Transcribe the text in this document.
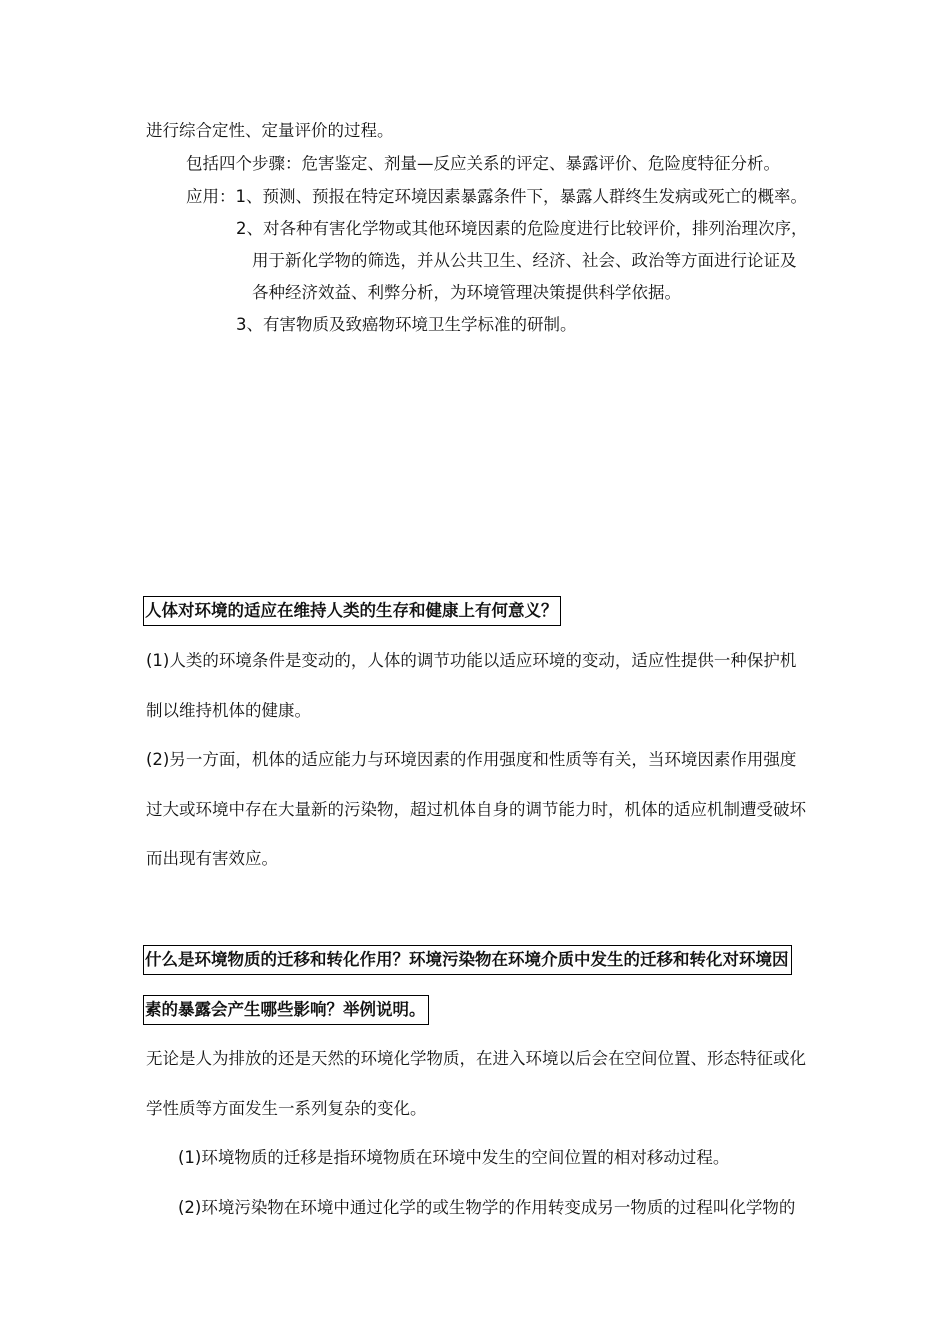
进行综合定性、定量评价的过程。
包括四个步骤：危害鉴定、剂量—反应关系的评定、暴露评价、危险度特征分析。
应用：1、预测、预报在特定环境因素暴露条件下，暴露人群终生发病或死亡的概率。
2、对各种有害化学物或其他环境因素的危险度进行比较评价，排列治理次序，
用于新化学物的筛选，并从公共卫生、经济、社会、政治等方面进行论证及
各种经济效益、利弊分析，为环境管理决策提供科学依据。
3、有害物质及致癌物环境卫生学标准的研制。
人体对环境的适应在维持人类的生存和健康上有何意义？
(1)人类的环境条件是变动的，人体的调节功能以适应环境的变动，适应性提供一种保护机
制以维持机体的健康。
(2)另一方面，机体的适应能力与环境因素的作用强度和性质等有关，当环境因素作用强度
过大或环境中存在大量新的污染物，超过机体自身的调节能力时，机体的适应机制遭受破坏
而出现有害效应。
什么是环境物质的迁移和转化作用？环境污染物在环境介质中发生的迁移和转化对环境因
素的暴露会产生哪些影响？举例说明。
无论是人为排放的还是天然的环境化学物质，在进入环境以后会在空间位置、形态特征或化
学性质等方面发生一系列复杂的变化。
(1)环境物质的迁移是指环境物质在环境中发生的空间位置的相对移动过程。
(2)环境污染物在环境中通过化学的或生物学的作用转变成另一物质的过程叫化学物的
